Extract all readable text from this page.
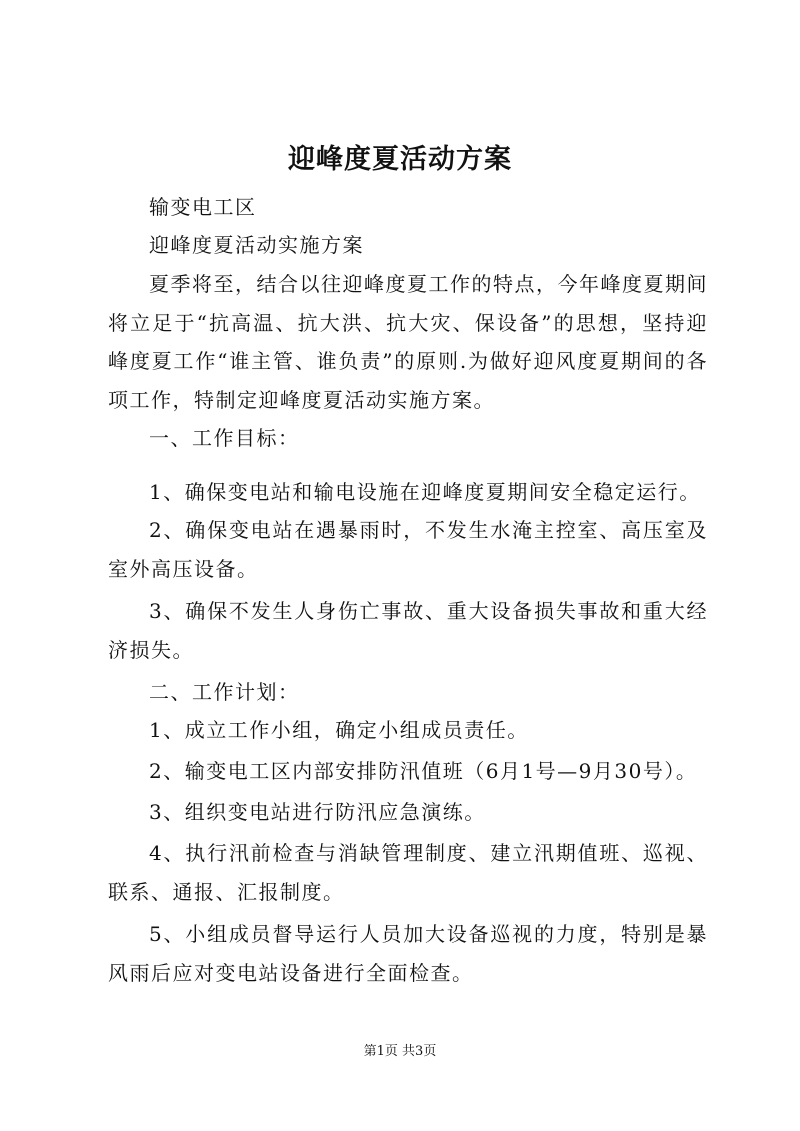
迎峰度夏活动方案
输变电工区
迎峰度夏活动实施方案
夏季将至，结合以往迎峰度夏工作的特点，今年峰度夏期间将立足于“抗高温、抗大洪、抗大灾、保设备”的思想，坚持迎峰度夏工作“谁主管、谁负责”的原则.为做好迎风度夏期间的各项工作，特制定迎峰度夏活动实施方案。
一、工作目标：
1、确保变电站和输电设施在迎峰度夏期间安全稳定运行。
2、确保变电站在遇暴雨时，不发生水淹主控室、高压室及室外高压设备。
3、确保不发生人身伤亡事故、重大设备损失事故和重大经济损失。
二、工作计划：
1、成立工作小组，确定小组成员责任。
2、输变电工区内部安排防汛值班（6月1号—9月30号）。
3、组织变电站进行防汛应急演练。
4、执行汛前检查与消缺管理制度、建立汛期值班、巡视、联系、通报、汇报制度。
5、小组成员督导运行人员加大设备巡视的力度，特别是暴风雨后应对变电站设备进行全面检查。
第1页 共3页
